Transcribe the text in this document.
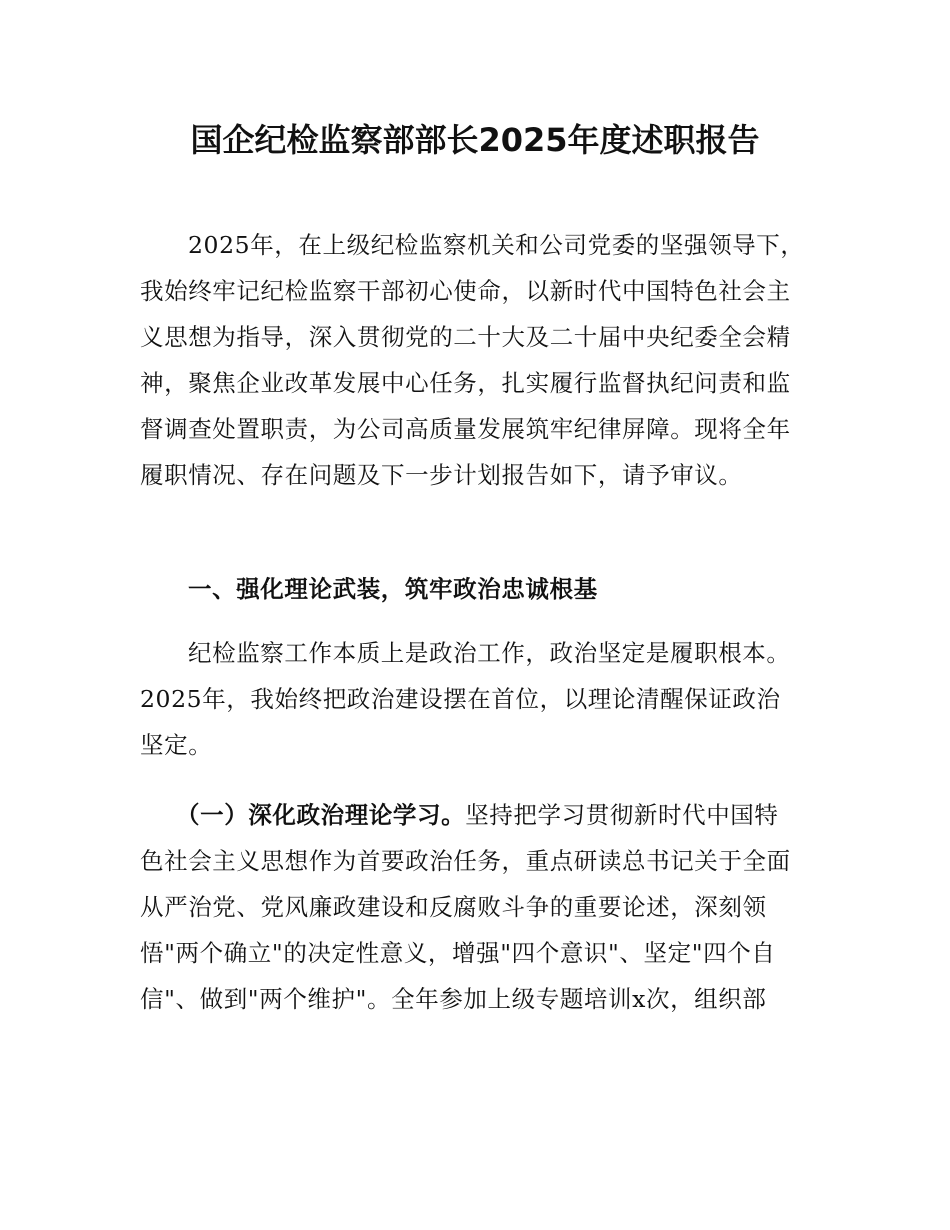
国企纪检监察部部长2025年度述职报告
2025年，在上级纪检监察机关和公司党委的坚强领导下，
我始终牢记纪检监察干部初心使命，以新时代中国特色社会主
义思想为指导，深入贯彻党的二十大及二十届中央纪委全会精
神，聚焦企业改革发展中心任务，扎实履行监督执纪问责和监
督调查处置职责，为公司高质量发展筑牢纪律屏障。现将全年
履职情况、存在问题及下一步计划报告如下，请予审议。
一、强化理论武装，筑牢政治忠诚根基
纪检监察工作本质上是政治工作，政治坚定是履职根本。
2025年，我始终把政治建设摆在首位，以理论清醒保证政治
坚定。
（一）深化政治理论学习。坚持把学习贯彻新时代中国特
色社会主义思想作为首要政治任务，重点研读总书记关于全面
从严治党、党风廉政建设和反腐败斗争的重要论述，深刻领
悟"两个确立"的决定性意义，增强"四个意识"、坚定"四个自
信"、做到"两个维护"。全年参加上级专题培训x次，组织部
